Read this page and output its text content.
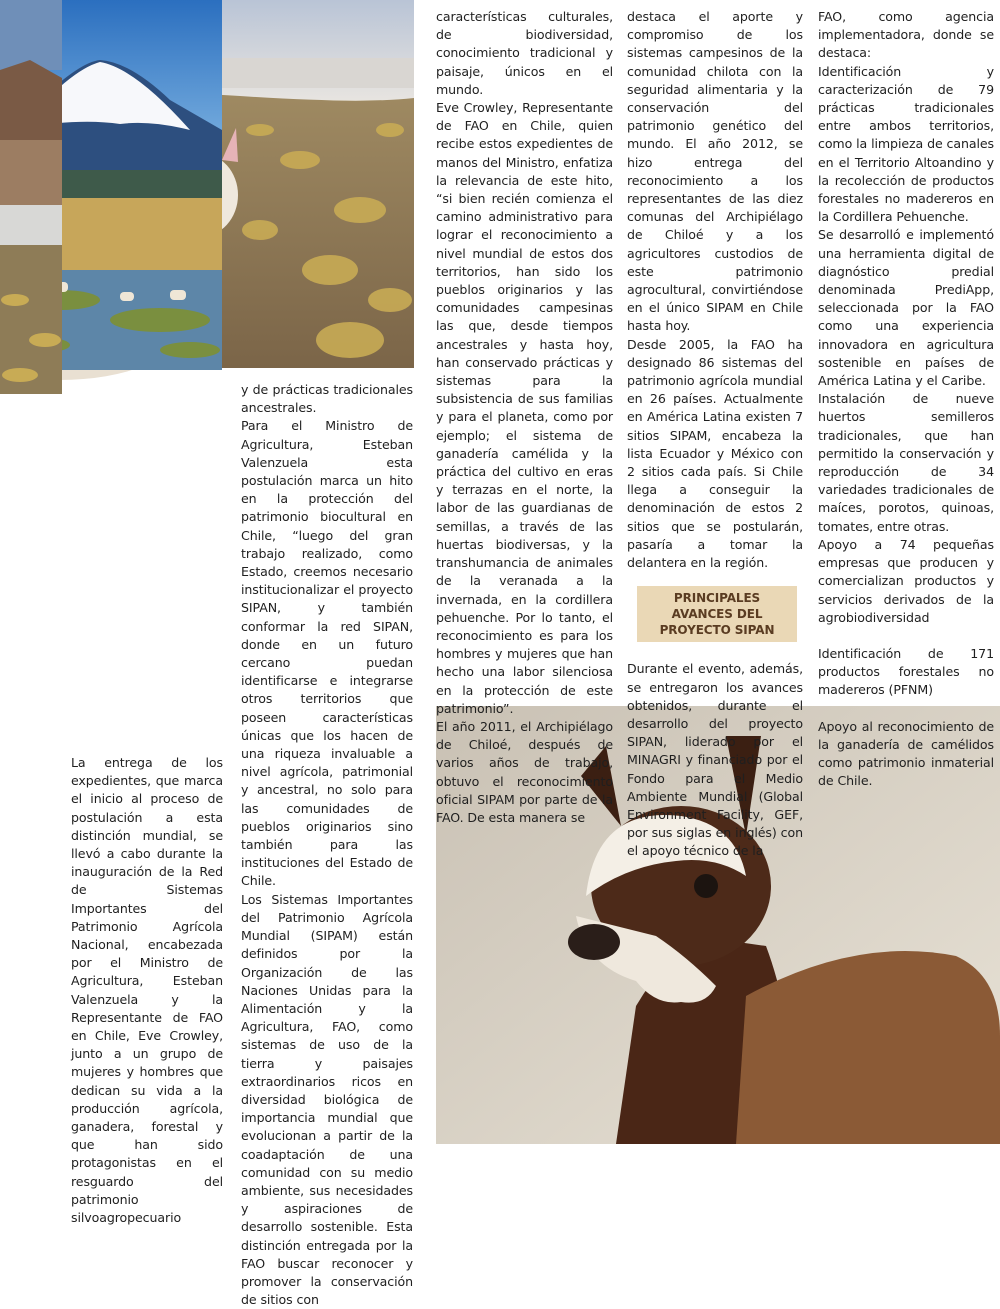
La entrega de los expedientes, que marca el inicio al proceso de postulación a esta distinción mundial, se llevó a cabo durante la inauguración de la Red de Sistemas Importantes del Patrimonio Agrícola Nacional, encabezada por el Ministro de Agricultura, Esteban Valenzuela y la Representante de FAO en Chile, Eve Crowley, junto a un grupo de mujeres y hombres que dedican su vida a la producción agrícola, ganadera, forestal y que han sido protagonistas en el resguardo del patrimonio silvoagropecuario

y de prácticas tradicionales ancestrales.

Para el Ministro de Agricultura, Esteban Valenzuela esta postulación marca un hito en la protección del patrimonio biocultural en Chile, “luego del gran trabajo realizado, como Estado, creemos necesario institucionalizar el proyecto SIPAN, y también conformar la red SIPAN, donde en un futuro cercano puedan identificarse e integrarse otros territorios que poseen características únicas que los hacen de una riqueza invaluable a nivel agrícola, patrimonial y ancestral, no solo para las comunidades de pueblos originarios sino también para las instituciones del Estado de Chile.

Los Sistemas Importantes del Patrimonio Agrícola Mundial (SIPAM) están definidos por la Organización de las Naciones Unidas para la Alimentación y la Agricultura, FAO, como sistemas de uso de la tierra y paisajes extraordinarios ricos en diversidad biológica de importancia mundial que evolucionan a partir de la coadaptación de una comunidad con su medio ambiente, sus necesidades y aspiraciones de desarrollo sostenible. Esta distinción entregada por la FAO buscar reconocer y promover la conservación de sitios con

características culturales, de biodiversidad, conocimiento tradicional y paisaje, únicos en el mundo.

Eve Crowley, Representante de FAO en Chile, quien recibe estos expedientes de manos del Ministro, enfatiza la relevancia de este hito, “si bien recién comienza el camino administrativo para lograr el reconocimiento a nivel mundial de estos dos territorios, han sido los pueblos originarios y las comunidades campesinas las que, desde tiempos ancestrales y hasta hoy, han conservado prácticas y sistemas para la subsistencia de sus familias y para el planeta, como por ejemplo; el sistema de ganadería camélida y la práctica del cultivo en eras y terrazas en el norte, la labor de las guardianas de semillas, a través de las huertas biodiversas, y la transhumancia de animales de la veranada a la invernada, en la cordillera pehuenche. Por lo tanto, el reconocimiento es para los hombres y mujeres que han hecho una labor silenciosa en la protección de este patrimonio”.

El año 2011, el Archipiélago de Chiloé, después de varios años de trabajo, obtuvo el reconocimiento oficial SIPAM por parte de la FAO. De esta manera se

destaca el aporte y compromiso de los sistemas campesinos de la comunidad chilota con la seguridad alimentaria y la conservación del patrimonio genético del mundo. El año 2012, se hizo entrega del reconocimiento a los representantes de las diez comunas del Archipiélago de Chiloé y a los agricultores custodios de este patrimonio agrocultural, convirtiéndose en el único SIPAM en Chile hasta hoy.

Desde 2005, la FAO ha designado 86 sistemas del patrimonio agrícola mundial en 26 países. Actualmente en América Latina existen 7 sitios SIPAM, encabeza la lista Ecuador y México con 2 sitios cada país. Si Chile llega a conseguir la denominación de estos 2 sitios que se postularán, pasaría a tomar la delantera en la región.

PRINCIPALES AVANCES DEL PROYECTO SIPAN

Durante el evento, además, se entregaron los avances obtenidos, durante el desarrollo del proyecto SIPAN, liderado por el MINAGRI y financiado por el Fondo para el Medio Ambiente Mundial (Global Environment Facility, GEF, por sus siglas en inglés) con el apoyo técnico de la

FAO, como agencia implementadora, donde se destaca:

Identificación y caracterización de 79 prácticas tradicionales entre ambos territorios, como la limpieza de canales en el Territorio Altoandino y la recolección de productos forestales no madereros en la Cordillera Pehuenche.

Se desarrolló e implementó una herramienta digital de diagnóstico predial denominada PrediApp, seleccionada por la FAO como una experiencia innovadora en agricultura sostenible en países de América Latina y el Caribe.

Instalación de nueve huertos semilleros tradicionales, que han permitido la conservación y reproducción de 34 variedades tradicionales de maíces, porotos, quinoas, tomates, entre otras.

Apoyo a 74 pequeñas empresas que producen y comercializan productos y servicios derivados de la agrobiodiversidad

Identificación de 171 productos forestales no madereros (PFNM)

Apoyo al reconocimiento de la ganadería de camélidos como patrimonio inmaterial de Chile.
